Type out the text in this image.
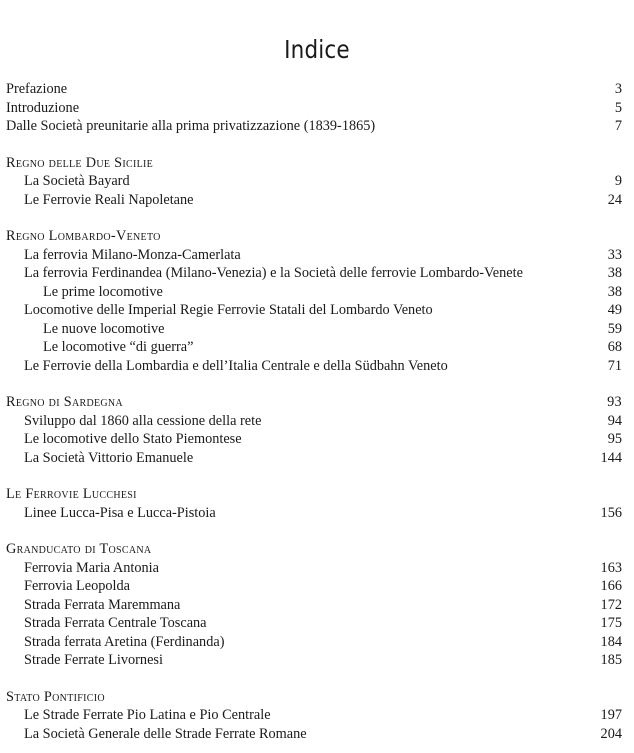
Indice
Prefazione	3
Introduzione	5
Dalle Società preunitarie alla prima privatizzazione (1839-1865)	7
Regno delle Due Sicilie
La Società Bayard	9
Le Ferrovie Reali Napoletane	24
Regno Lombardo-Veneto
La ferrovia Milano-Monza-Camerlata	33
La ferrovia Ferdinandea (Milano-Venezia) e la Società delle ferrovie Lombardo-Venete	38
Le prime locomotive	38
Locomotive delle Imperial Regie Ferrovie Statali del Lombardo Veneto	49
Le nuove locomotive	59
Le locomotive “di guerra”	68
Le Ferrovie della Lombardia e dell’Italia Centrale e della Südbahn Veneto	71
Regno di Sardegna	93
Sviluppo dal 1860 alla cessione della rete	94
Le locomotive dello Stato Piemontese	95
La Società Vittorio Emanuele	144
Le Ferrovie Lucchesi
Linee Lucca-Pisa e Lucca-Pistoia	156
Granducato di Toscana
Ferrovia Maria Antonia	163
Ferrovia Leopolda	166
Strada Ferrata Maremmana	172
Strada Ferrata Centrale Toscana	175
Strada ferrata Aretina (Ferdinanda)	184
Strade Ferrate Livornesi	185
Stato Pontificio
Le Strade Ferrate Pio Latina e Pio Centrale	197
La Società Generale delle Strade Ferrate Romane	204
